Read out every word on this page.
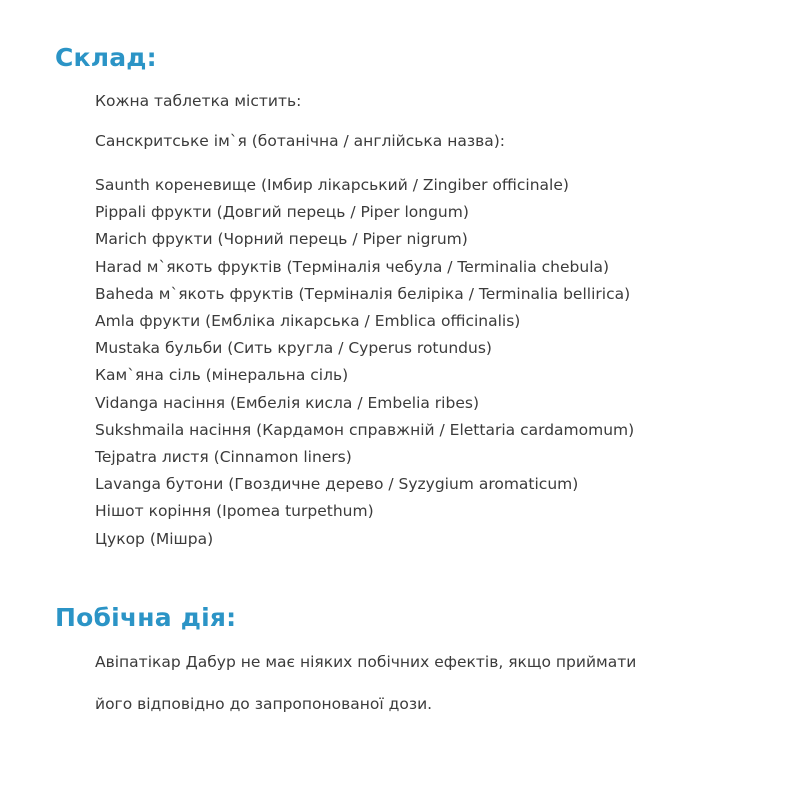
Склад:
Кожна таблетка містить:
Санскритське ім`я (ботанічна / англійська назва):
Saunth кореневище (Імбир лікарський / Zingiber officinale)
Pippali фрукти (Довгий перець / Piper longum)
Marich фрукти (Чорний перець / Piper nigrum)
Harad м`якоть фруктів (Терміналія чебула / Terminalia chebula)
Baheda м`якоть фруктів (Терміналія беліріка / Terminalia bellirica)
Amla фрукти (Ембліка лікарська / Emblica officinalis)
Mustaka бульби (Сить кругла / Cyperus rotundus)
Кам`яна сіль (мінеральна сіль)
Vidanga насіння (Ембелія кисла / Embelia ribes)
Sukshmaila насіння (Кардамон справжній / Elettaria cardamomum)
Tejpatra листя (Cinnamon liners)
Lavanga бутони (Гвоздичне дерево / Syzygium aromaticum)
Нішот коріння (Ipomea turpethum)
Цукор (Мішра)
Побічна дія:
Авіпатікар Дабур не має ніяких побічних ефектів, якщо приймати
його відповідно до запропонованої дози.
